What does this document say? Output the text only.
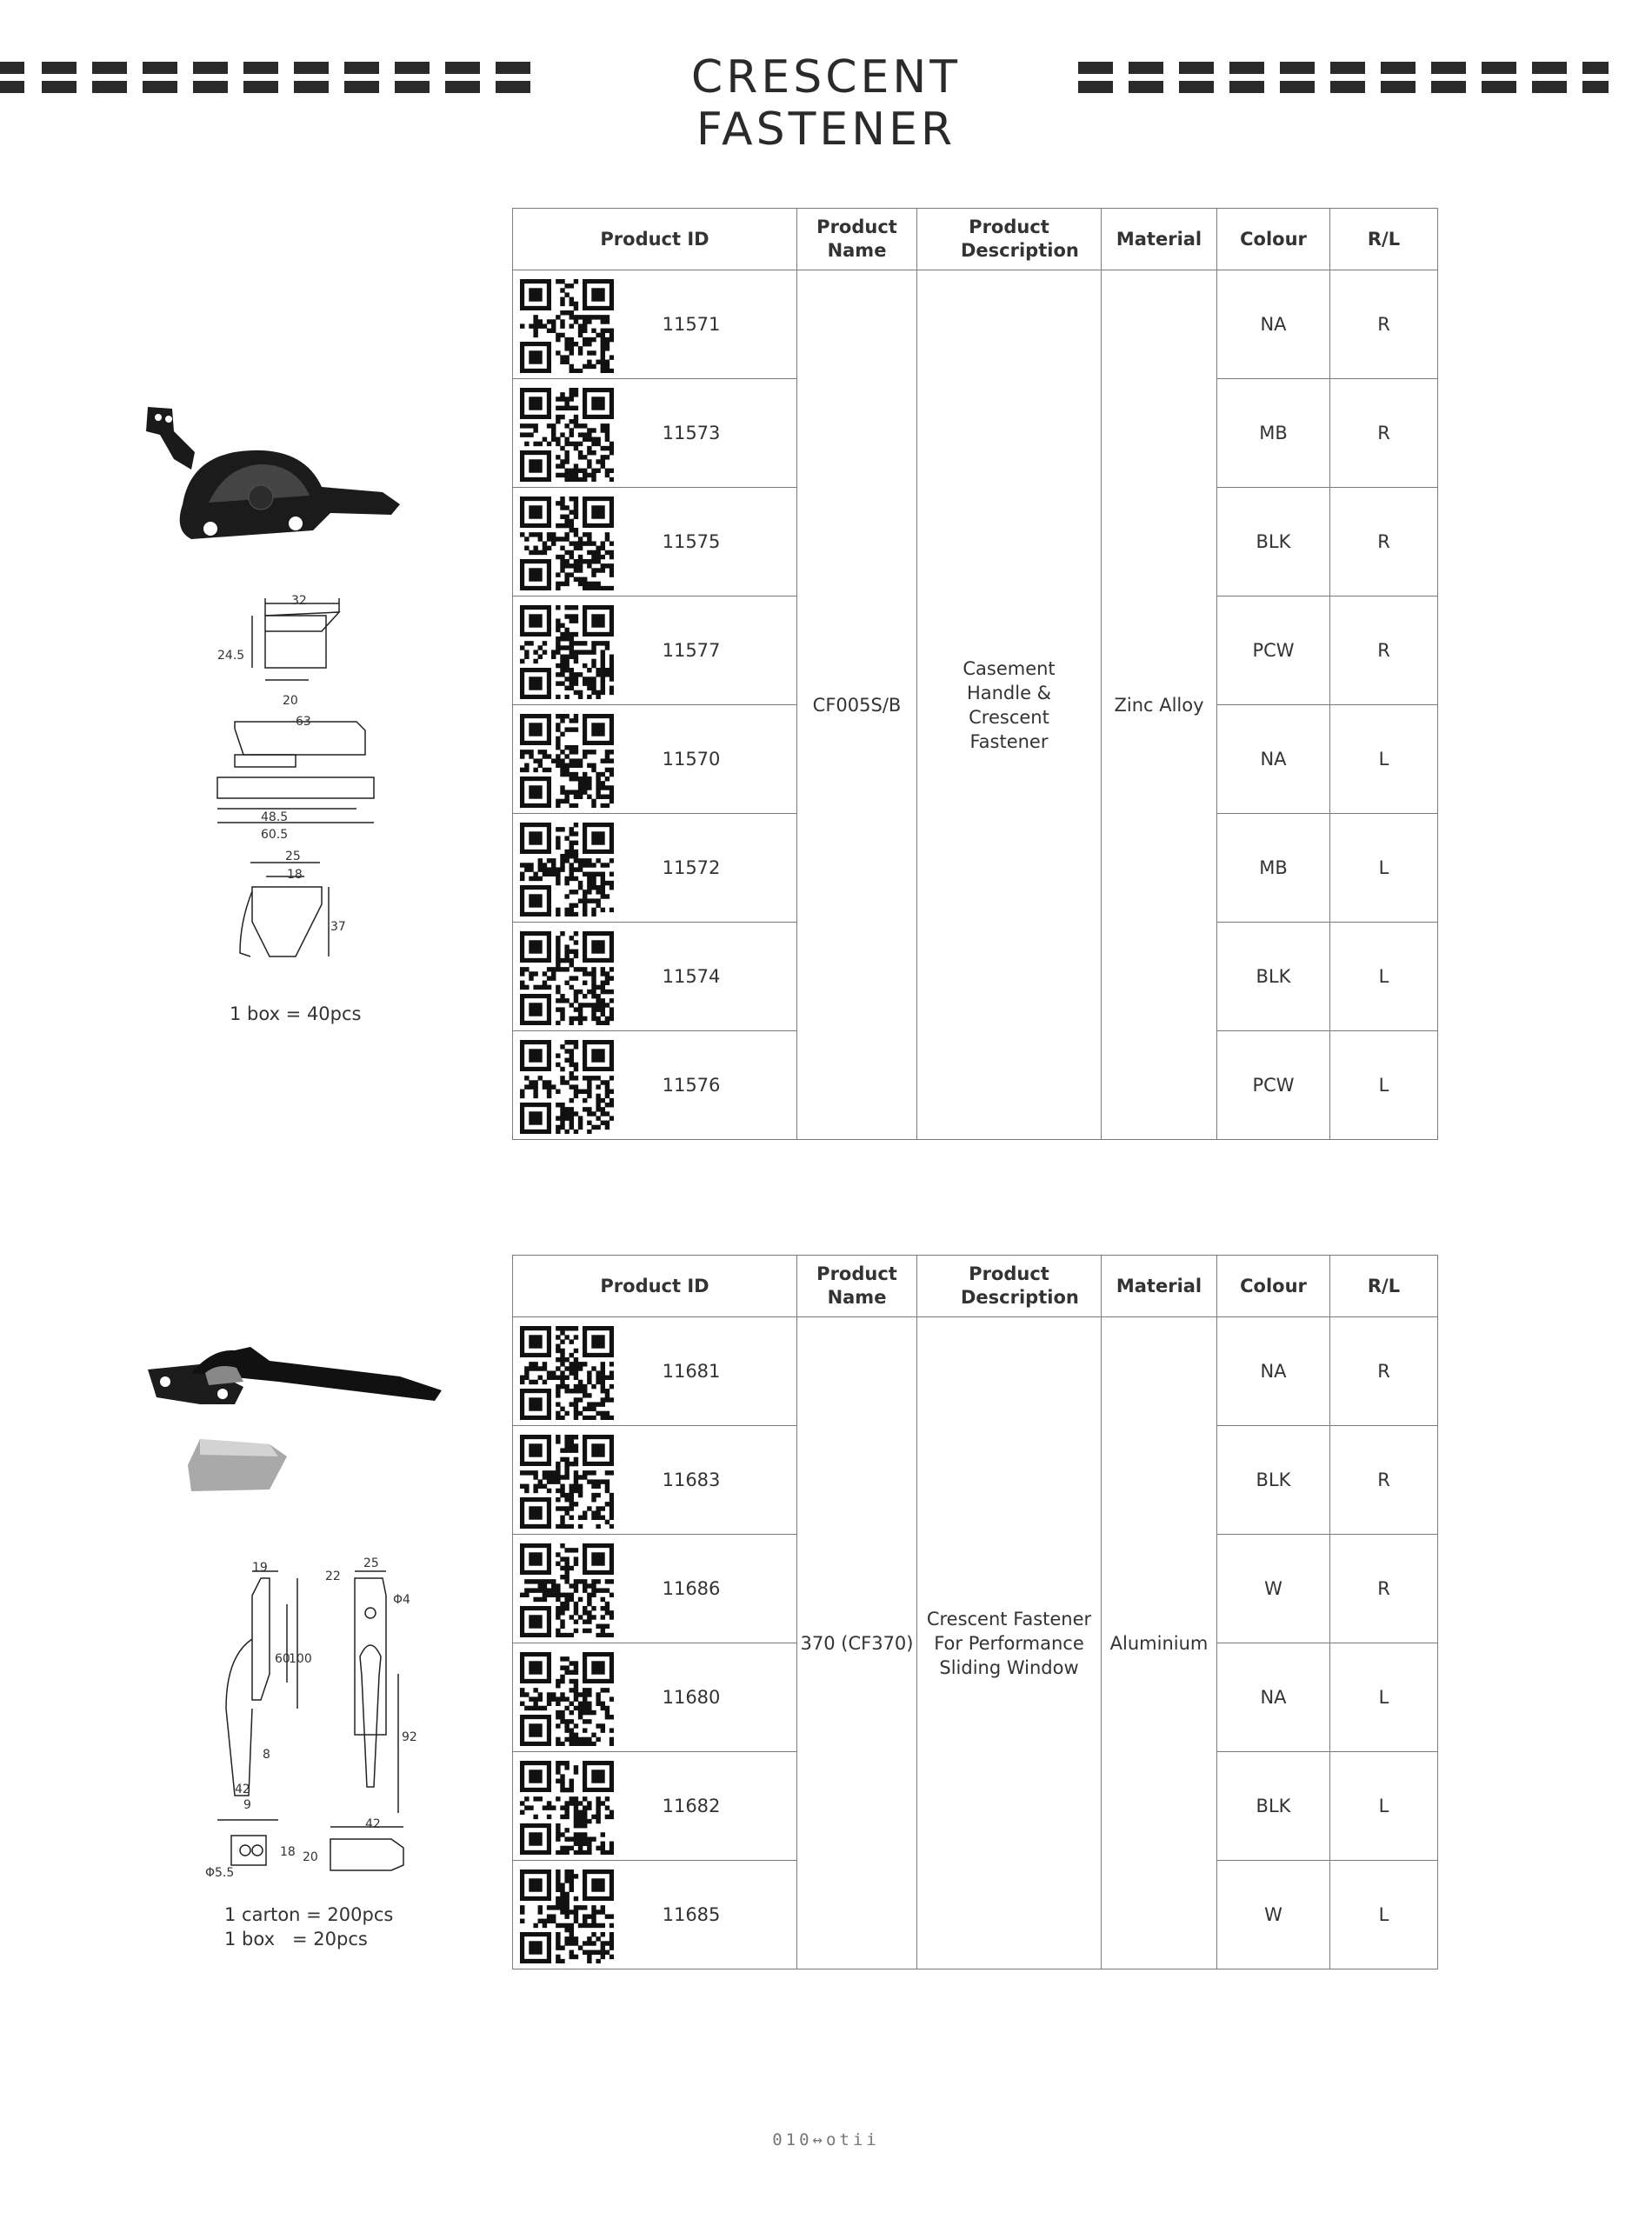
CRESCENT FASTENER
32
24.5
20
63
48.5
60.5
25
18
37
1 box = 40pcs
Product ID	Product Name	Product Description	Material	Colour	R/L

11571	CF005S/B	Casement Handle & Crescent Fastener	Zinc Alloy	NA	R

11573				MB	R

11575				BLK	R

11577				PCW	R

11570				NA	L

11572				MB	L

11574				BLK	L

11576				PCW	L
19
60
100
8
42
22
25
Φ4
92
9
18
Φ5.5
42
20
1 carton = 200pcs
1 box   = 20pcs
Product ID	Product Name	Product Description	Material	Colour	R/L

11681	370 (CF370)	Crescent Fastener For Performance Sliding Window	Aluminium	NA	R

11683				BLK	R

11686				W	R

11680				NA	L

11682				BLK	L

11685				W	L
010↔otii
